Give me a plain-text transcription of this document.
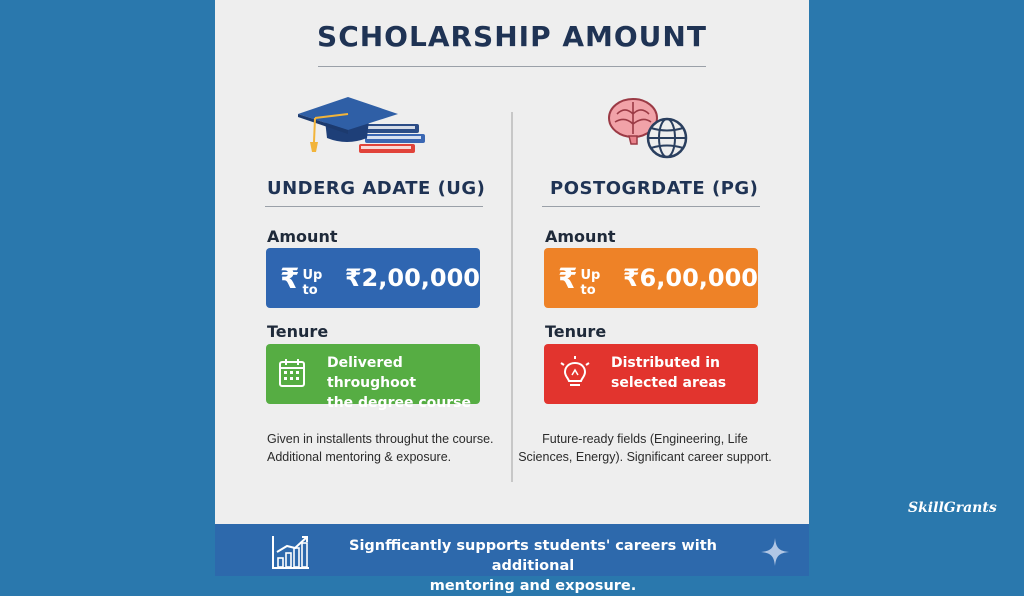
SCHOLARSHIP AMOUNT
UNDERG ADATE (UG)
Amount
₹ Up to	₹2,00,000
Tenure
Delivered throughoot
the degree course
Given in installents throughut the course.
Additional mentoring & exposure.
POSTOGRDATE (PG)
Amount
₹ Up to	₹6,00,000
Tenure
Distributed in
selected areas
Future-ready fields (Engineering, Life
Sciences, Energy). Significant career support.
Signfficantly supports students' careers with additional
mentoring and exposure.
SkillGrants
